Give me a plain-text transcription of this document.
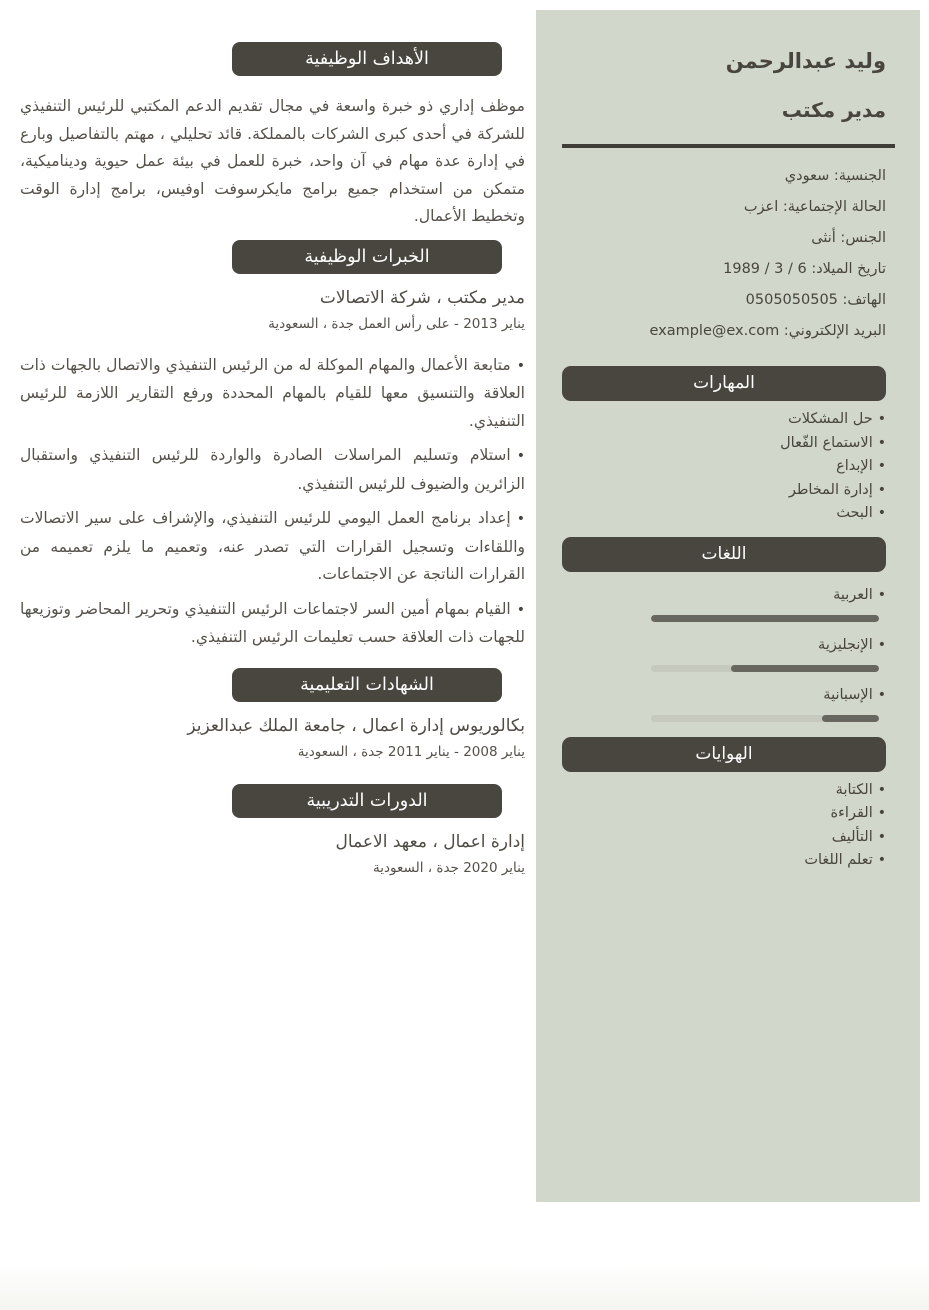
الأهداف الوظيفية

موظف إداري ذو خبرة واسعة في مجال تقديم الدعم المكتبي للرئيس التنفيذي للشركة في أحدى كبرى الشركات بالمملكة. قائد تحليلي ، مهتم بالتفاصيل وبارع في إدارة عدة مهام في آن واحد، خبرة للعمل في بيئة عمل حيوية وديناميكية، متمكن من استخدام جميع برامج مايكرسوفت اوفيس، برامج إدارة الوقت وتخطيط الأعمال.

الخبرات الوظيفية
مدير مكتب ، شركة الاتصالات
يناير 2013 - على رأس العمل جدة ، السعودية

•متابعة الأعمال والمهام الموكلة له من الرئيس التنفيذي والاتصال بالجهات ذات العلاقة والتنسيق معها للقيام بالمهام المحددة ورفع التقارير اللازمة للرئيس التنفيذي.

•استلام وتسليم المراسلات الصادرة والواردة للرئيس التنفيذي واستقبال الزائرين والضيوف للرئيس التنفيذي.

•إعداد برنامج العمل اليومي للرئيس التنفيذي، والإشراف على سير الاتصالات واللقاءات وتسجيل القرارات التي تصدر عنه، وتعميم ما يلزم تعميمه من القرارات الناتجة عن الاجتماعات.

•القيام بمهام أمين السر لاجتماعات الرئيس التنفيذي وتحرير المحاضر وتوزيعها للجهات ذات العلاقة حسب تعليمات الرئيس التنفيذي.

الشهادات التعليمية
بكالوريوس إدارة اعمال ، جامعة الملك عبدالعزيز
يناير 2008 - يناير 2011 جدة ، السعودية
الدورات التدريبية
إدارة اعمال ، معهد الاعمال
يناير 2020 جدة ، السعودية
وليد عبدالرحمن
مدير مكتب
الجنسية: سعودي
الحالة الإجتماعية: اعزب
الجنس: أنثى
تاريخ الميلاد: 6 / 3 / 1989
الهاتف: 0505050505
البريد الإلكتروني: example@ex.com
المهارات
•حل المشكلات
•الاستماع الفّعال
•الإبداع
•إدارة المخاطر
•البحث
اللغات
•العربية
•الإنجليزية
•الإسبانية
الهوايات
•الكتابة
•القراءة
•التأليف
•تعلم اللغات
